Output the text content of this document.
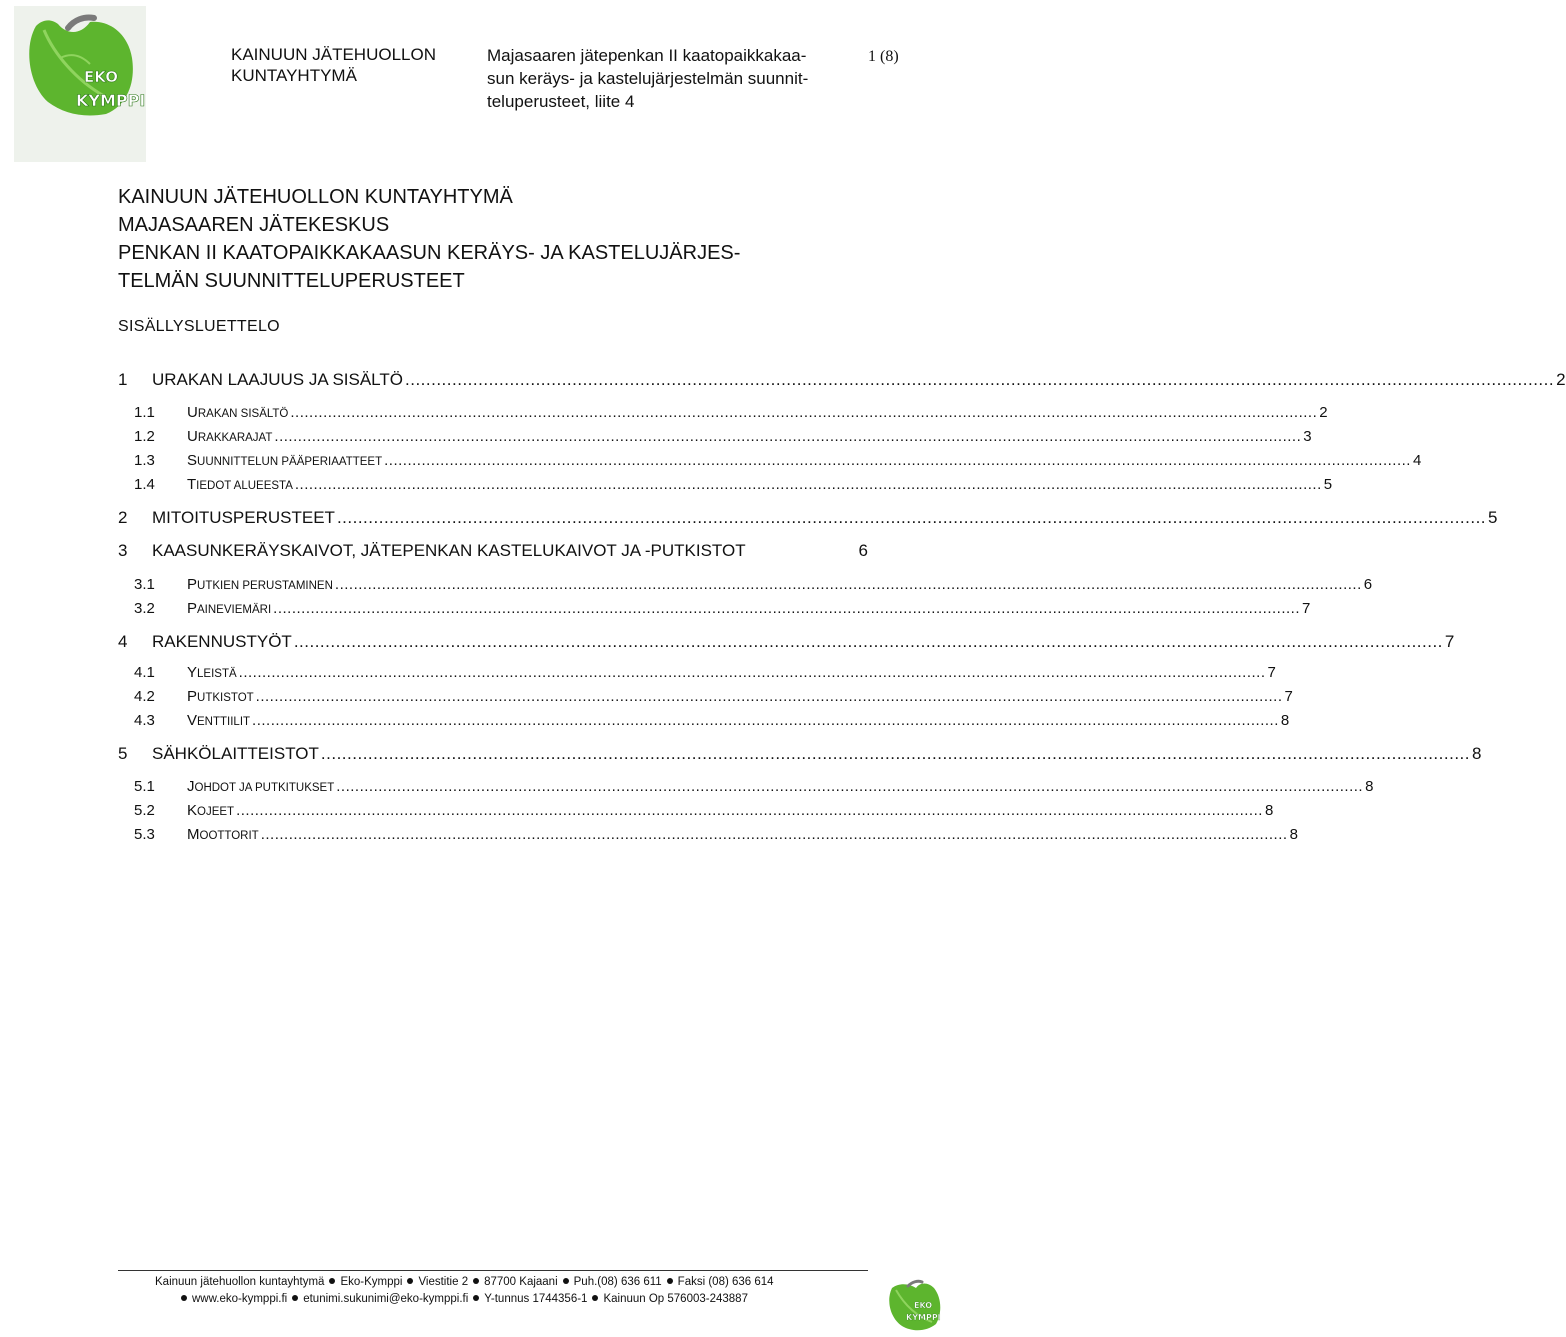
EKO
KYMPPI
KAINUUN JÄTEHUOLLON
KUNTAYHTYMÄ
Majasaaren jätepenkan II kaatopaikkakaa-
sun keräys- ja kastelujärjestelmän suunnit-
teluperusteet, liite 4
1 (8)
KAINUUN JÄTEHUOLLON KUNTAYHTYMÄ
MAJASAAREN JÄTEKESKUS
PENKAN II KAATOPAIKKAKAASUN KERÄYS- JA KASTELUJÄRJES-
TELMÄN SUUNNITTELUPERUSTEET
SISÄLLYSLUETTELO
1	URAKAN LAAJUUS JA SISÄLTÖ ............................................................................................................................................................................................................................ 2
1.1	URAKAN SISÄLTÖ ............................................................................................................................................................................................................................ 2
1.2	URAKKARAJAT ............................................................................................................................................................................................................................ 3
1.3	SUUNNITTELUN PÄÄPERIAATTEET ............................................................................................................................................................................................................................ 4
1.4	TIEDOT ALUEESTA ............................................................................................................................................................................................................................ 5
2	MITOITUSPERUSTEET ............................................................................................................................................................................................................................ 5
3	KAASUNKERÄYSKAIVOT, JÄTEPENKAN KASTELUKAIVOT JA -PUTKISTOT	6
3.1	PUTKIEN PERUSTAMINEN ............................................................................................................................................................................................................................ 6
3.2	PAINEVIEMÄRI ............................................................................................................................................................................................................................ 7
4	RAKENNUSTYÖT ............................................................................................................................................................................................................................ 7
4.1	YLEISTÄ ............................................................................................................................................................................................................................ 7
4.2	PUTKISTOT ............................................................................................................................................................................................................................ 7
4.3	VENTTIILIT ............................................................................................................................................................................................................................ 8
5	SÄHKÖLAITTEISTOT ............................................................................................................................................................................................................................ 8
5.1	JOHDOT JA PUTKITUKSET ............................................................................................................................................................................................................................ 8
5.2	KOJEET ............................................................................................................................................................................................................................ 8
5.3	MOOTTORIT ............................................................................................................................................................................................................................ 8
Kainuun jätehuollon kuntayhtymä Eko-Kymppi Viestitie 2 87700 Kajaani Puh.(08) 636 611 Faksi (08) 636 614
www.eko-kymppi.fi etunimi.sukunimi@eko-kymppi.fi Y-tunnus 1744356-1 Kainuun Op 576003-243887
EKO
KYMPPI
